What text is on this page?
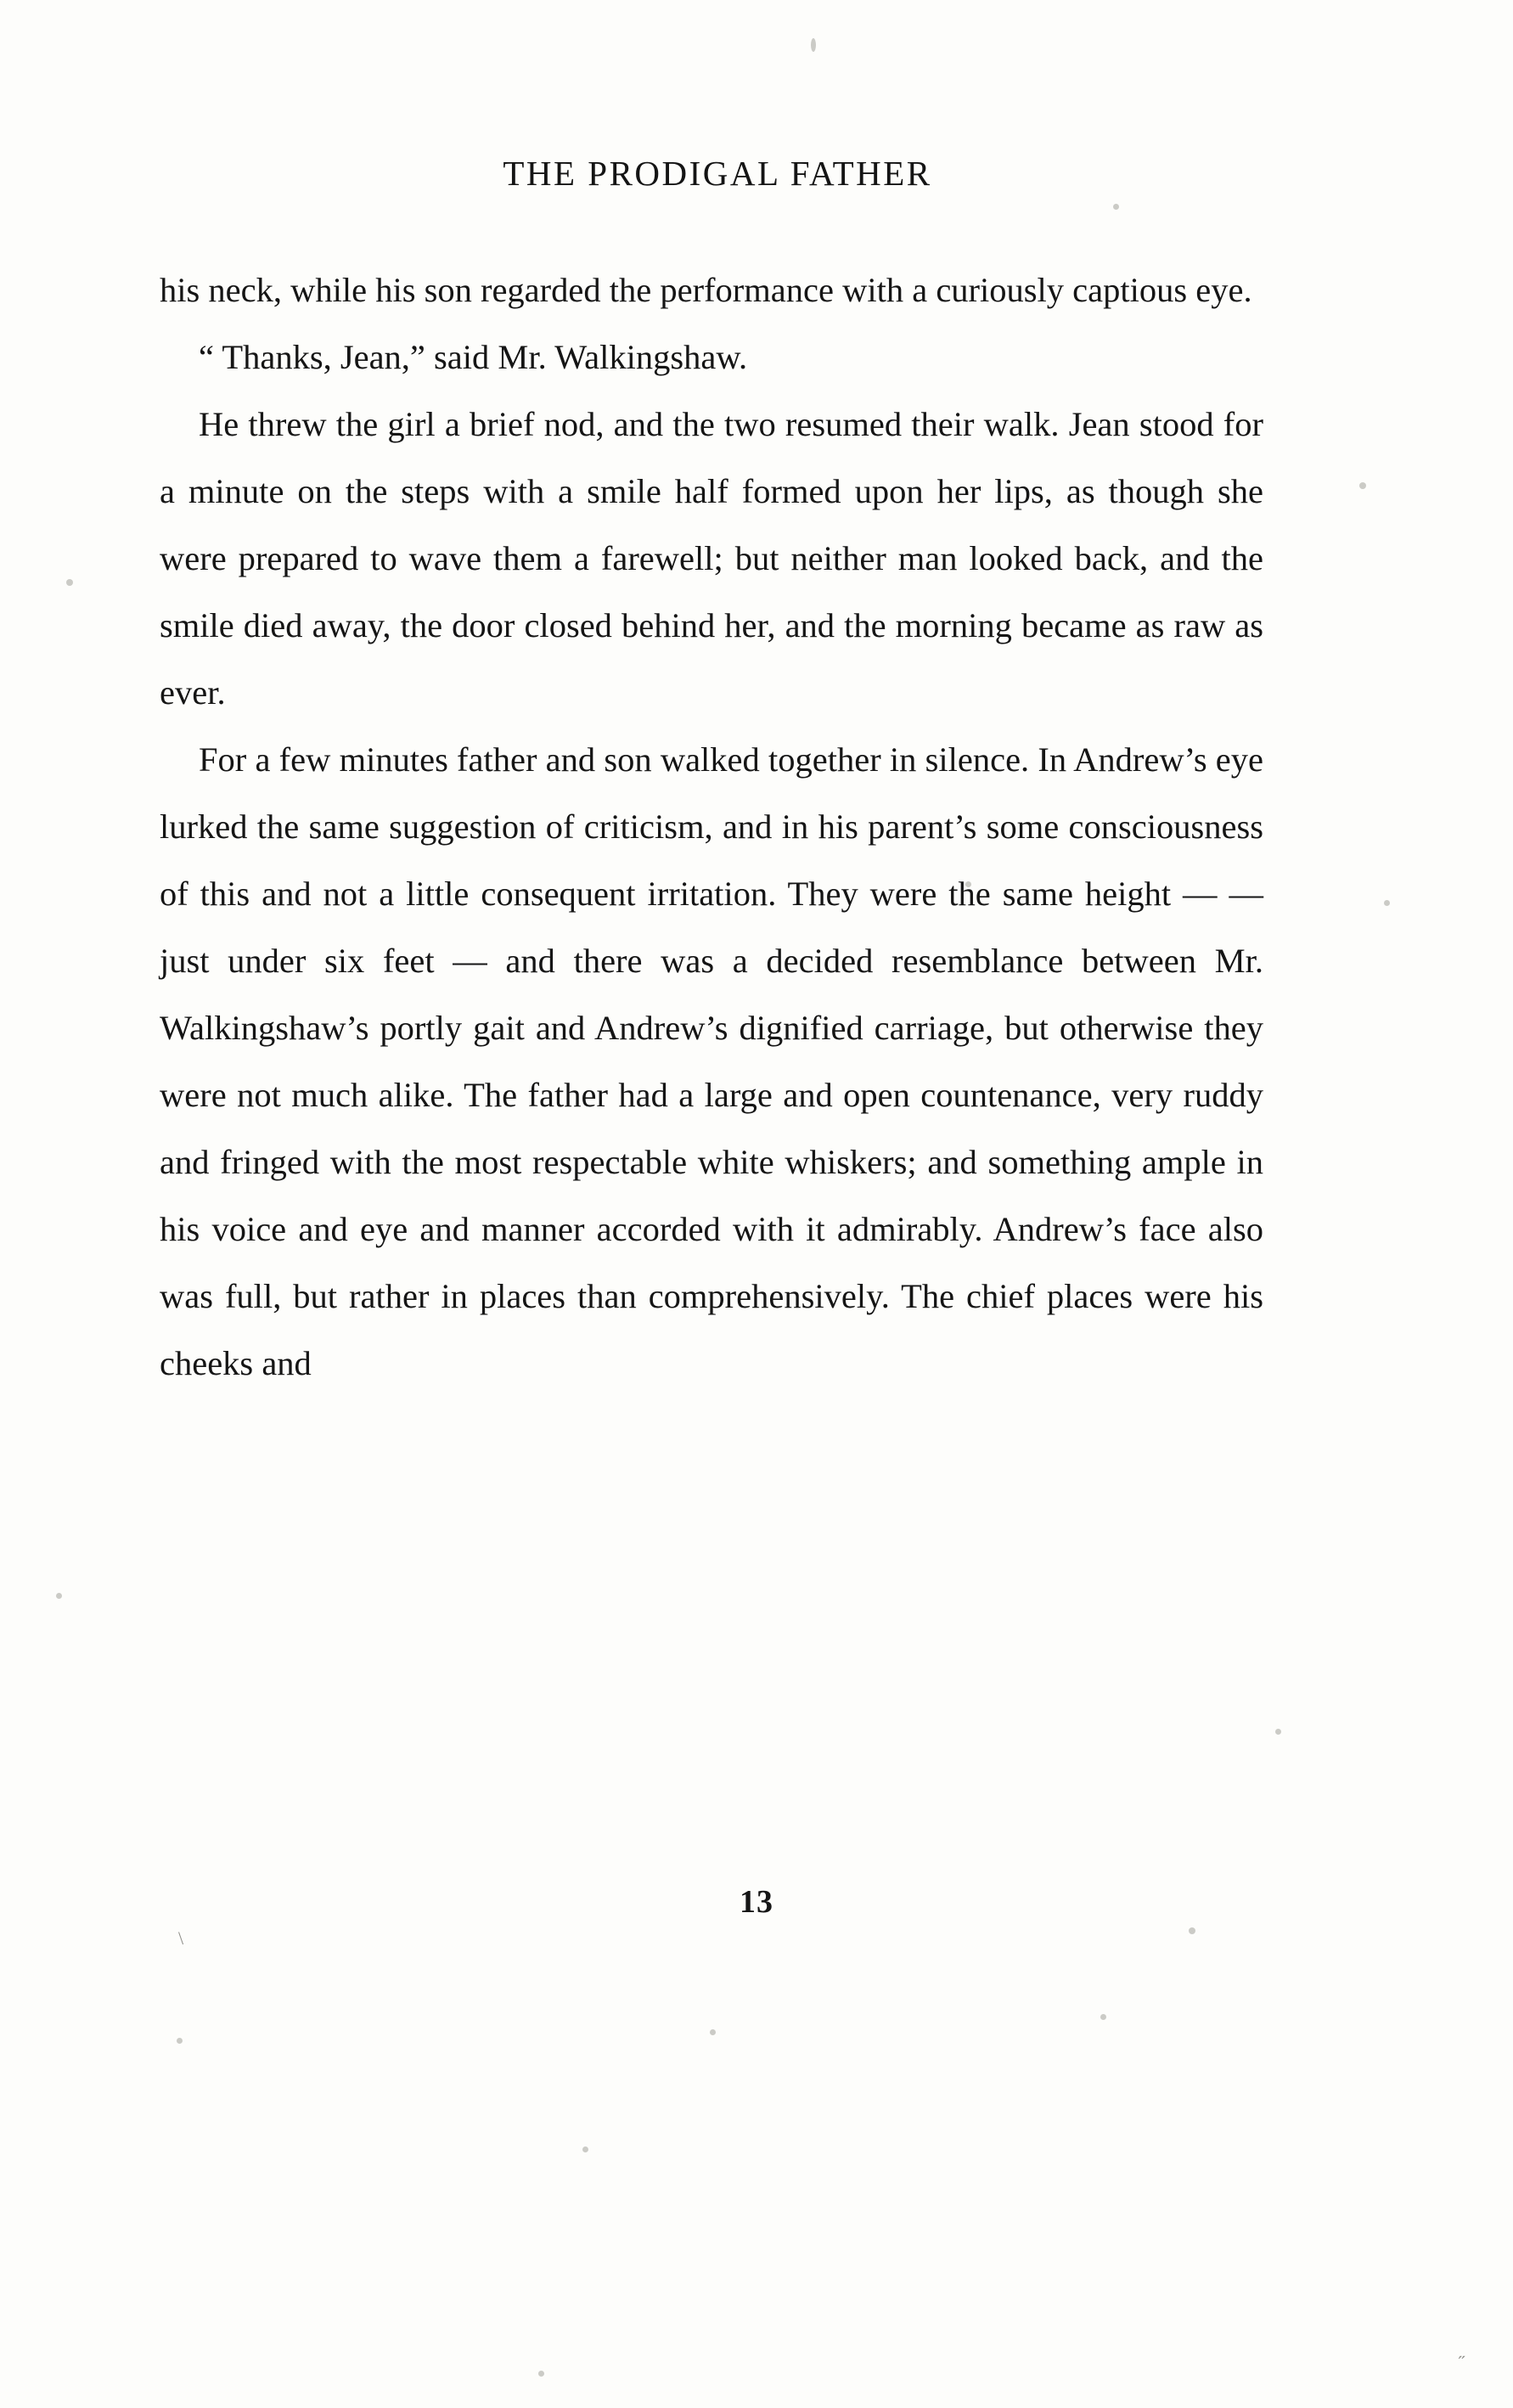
\
˝
THE PRODIGAL FATHER

his neck, while his son regarded the performance with a curiously captious eye.

“ Thanks, Jean,” said Mr. Walkingshaw.

He threw the girl a brief nod, and the two resumed their walk. Jean stood for a minute on the steps with a smile half formed upon her lips, as though she were prepared to wave them a farewell; but neither man looked back, and the smile died away, the door closed behind her, and the morning became as raw as ever.

For a few minutes father and son walked together in silence. In Andrew’s eye lurked the same suggestion of criticism, and in his parent’s some consciousness of this and not a little consequent irritation. They were the same height — — just under six feet — and there was a decided resemblance between Mr. Walkingshaw’s portly gait and Andrew’s dignified carriage, but otherwise they were not much alike. The father had a large and open countenance, very ruddy and fringed with the most respectable white whiskers; and something ample in his voice and eye and manner accorded with it admirably. Andrew’s face also was full, but rather in places than comprehensively. The chief places were his cheeks and

13
